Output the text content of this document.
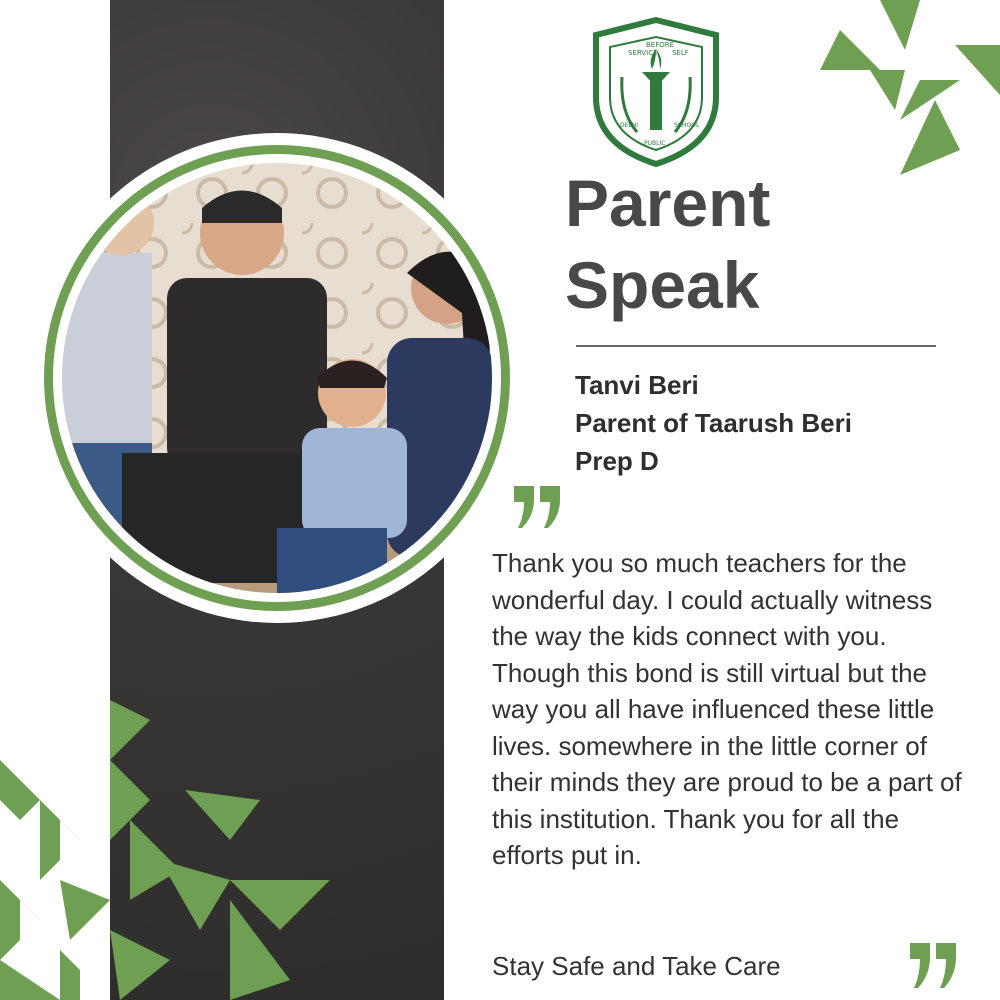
SERVICE
BEFORE
SELF
DELHI
PUBLIC
SCHOOL
Parent
Speak
Tanvi Beri
Parent of Taarush Beri
Prep D
Thank you so much teachers for the wonderful day. I could actually witness the way the kids connect with you. Though this bond is still virtual but the way you all have influenced these little lives. somewhere in the little corner of their minds they are proud to be a part of this institution. Thank you for all the efforts put in.
Stay Safe and Take Care
